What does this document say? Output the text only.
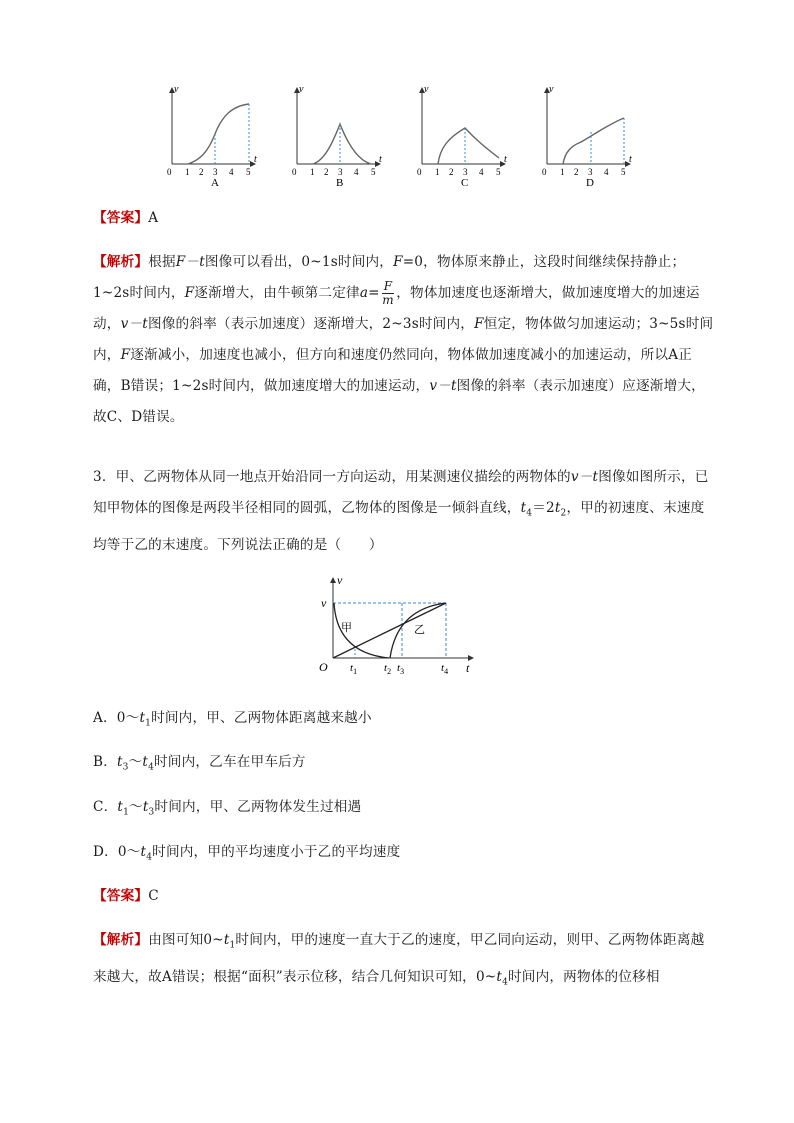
v
t
0 1 2 3 4 5
A
v
t
0 1 2 3 4 5
B
v
t
0 1 2 3 4 5
C
v
t
0 1 2 3 4 5
D
【答案】A
【解析】根据F－t图像可以看出，0~1s时间内，F=0，物体原来静止，这段时间继续保持静止；1~2s时间内，F逐渐增大，由牛顿第二定律$a= \frac{F}{m}$ ，物体加速度也逐渐增大，做加速度增大的加速运动，v－t图像的斜率（表示加速度）逐渐增大，2~3s时间内，F恒定，物体做匀加速运动；3~5s时间内，F逐渐减小，加速度也减小，但方向和速度仍然同向，物体做加速度减小的加速运动，所以A正确，B错误；1~2s时间内，做加速度增大的加速运动，v－t图像的斜率（表示加速度）应逐渐增大，故C、D错误。
3．甲、乙两物体从同一地点开始沿同一方向运动，用某测速仪描绘的两物体的v－t图像如图所示，已知甲物体的图像是两段半径相同的圆弧，乙物体的图像是一倾斜直线，$t_4=2t_2$，甲的初速度、末速度均等于乙的末速度。下列说法正确的是（　　）
v
t
O
v
甲	乙
$t_1$ $t_2$ $t_3$	$t_4$
A．$0\sim t_1$时间内，甲、乙两物体距离越来越小
B．$t_3\sim t_4$时间内，乙车在甲车后方
C．$t_1\sim t_3$时间内，甲、乙两物体发生过相遇
D．$0\sim t_4$时间内，甲的平均速度小于乙的平均速度
【答案】C
【解析】由图可知$0\sim t_1$时间内，甲的速度一直大于乙的速度，甲乙同向运动，则甲、乙两物体距离越来越大，故A错误；根据“面积”表示位移，结合几何知识可知，$0\sim t_4$时间内，两物体的位移相
